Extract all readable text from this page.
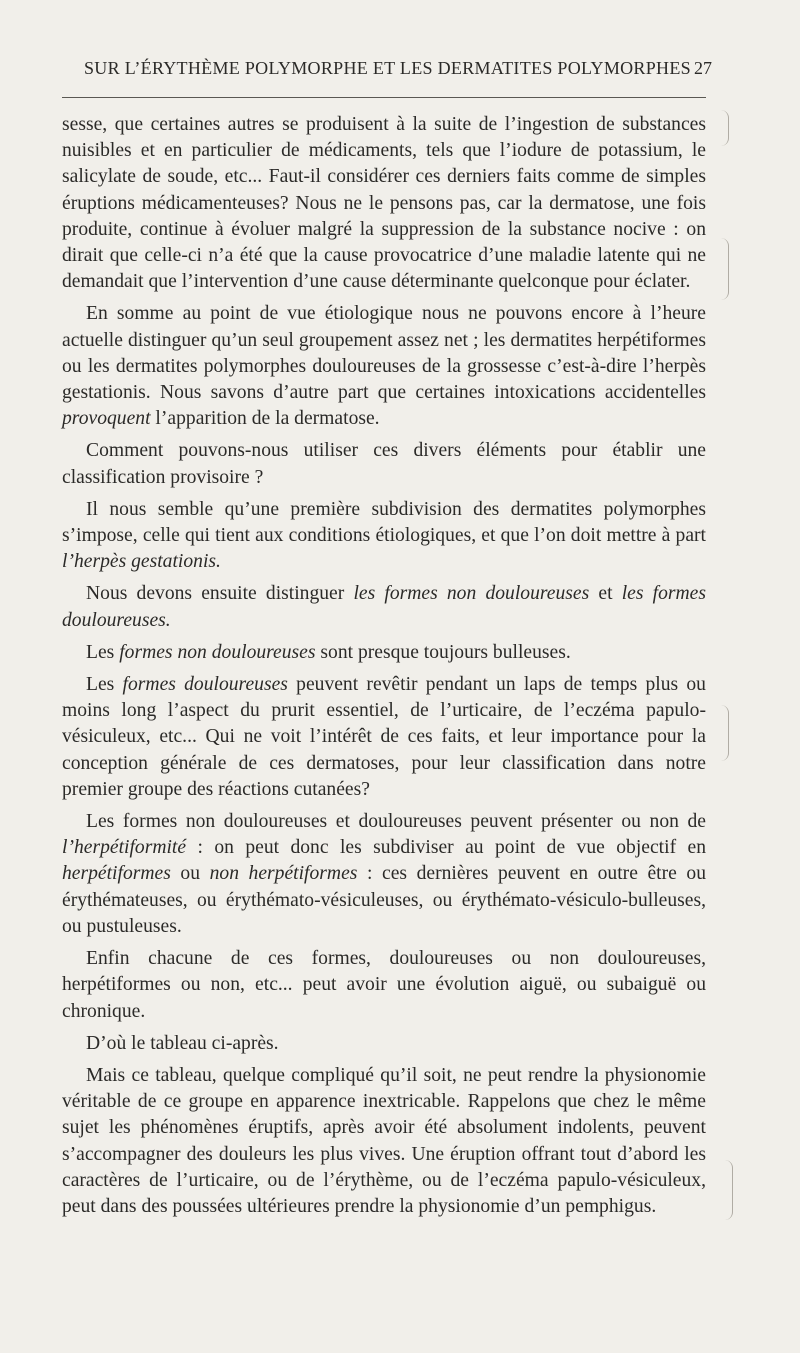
SUR L’ÉRYTHÈME POLYMORPHE ET LES DERMATITES POLYMORPHES 27

sesse, que certaines autres se produisent à la suite de l’ingestion de substances nuisibles et en particulier de médicaments, tels que l’iodure de potassium, le salicylate de soude, etc... Faut-il considérer ces derniers faits comme de simples éruptions médicamenteuses? Nous ne le pensons pas, car la dermatose, une fois produite, continue à évoluer malgré la suppression de la substance nocive : on dirait que celle-ci n’a été que la cause provocatrice d’une maladie latente qui ne demandait que l’intervention d’une cause déterminante quelconque pour éclater.

En somme au point de vue étiologique nous ne pouvons encore à l’heure actuelle distinguer qu’un seul groupement assez net ; les dermatites herpétiformes ou les dermatites polymorphes douloureuses de la grossesse c’est-à-dire l’herpès gestationis. Nous savons d’autre part que certaines intoxications accidentelles provoquent l’apparition de la dermatose.

Comment pouvons-nous utiliser ces divers éléments pour établir une classification provisoire ?

Il nous semble qu’une première subdivision des dermatites polymorphes s’impose, celle qui tient aux conditions étiologiques, et que l’on doit mettre à part l’herpès gestationis.

Nous devons ensuite distinguer les formes non douloureuses et les formes douloureuses.

Les formes non douloureuses sont presque toujours bulleuses.

Les formes douloureuses peuvent revêtir pendant un laps de temps plus ou moins long l’aspect du prurit essentiel, de l’urticaire, de l’eczéma papulo-vésiculeux, etc... Qui ne voit l’intérêt de ces faits, et leur importance pour la conception générale de ces dermatoses, pour leur classification dans notre premier groupe des réactions cutanées?

Les formes non douloureuses et douloureuses peuvent présenter ou non de l’herpétiformité : on peut donc les subdiviser au point de vue objectif en herpétiformes ou non herpétiformes : ces dernières peuvent en outre être ou érythémateuses, ou érythémato-vésiculeuses, ou érythémato-vésiculo-bulleuses, ou pustuleuses.

Enfin chacune de ces formes, douloureuses ou non douloureuses, herpétiformes ou non, etc... peut avoir une évolution aiguë, ou subaiguë ou chronique.

D’où le tableau ci-après.

Mais ce tableau, quelque compliqué qu’il soit, ne peut rendre la physionomie véritable de ce groupe en apparence inextricable. Rappelons que chez le même sujet les phénomènes éruptifs, après avoir été absolument indolents, peuvent s’accompagner des douleurs les plus vives. Une éruption offrant tout d’abord les caractères de l’urticaire, ou de l’érythème, ou de l’eczéma papulo-vésiculeux, peut dans des poussées ultérieures prendre la physionomie d’un pemphigus.
